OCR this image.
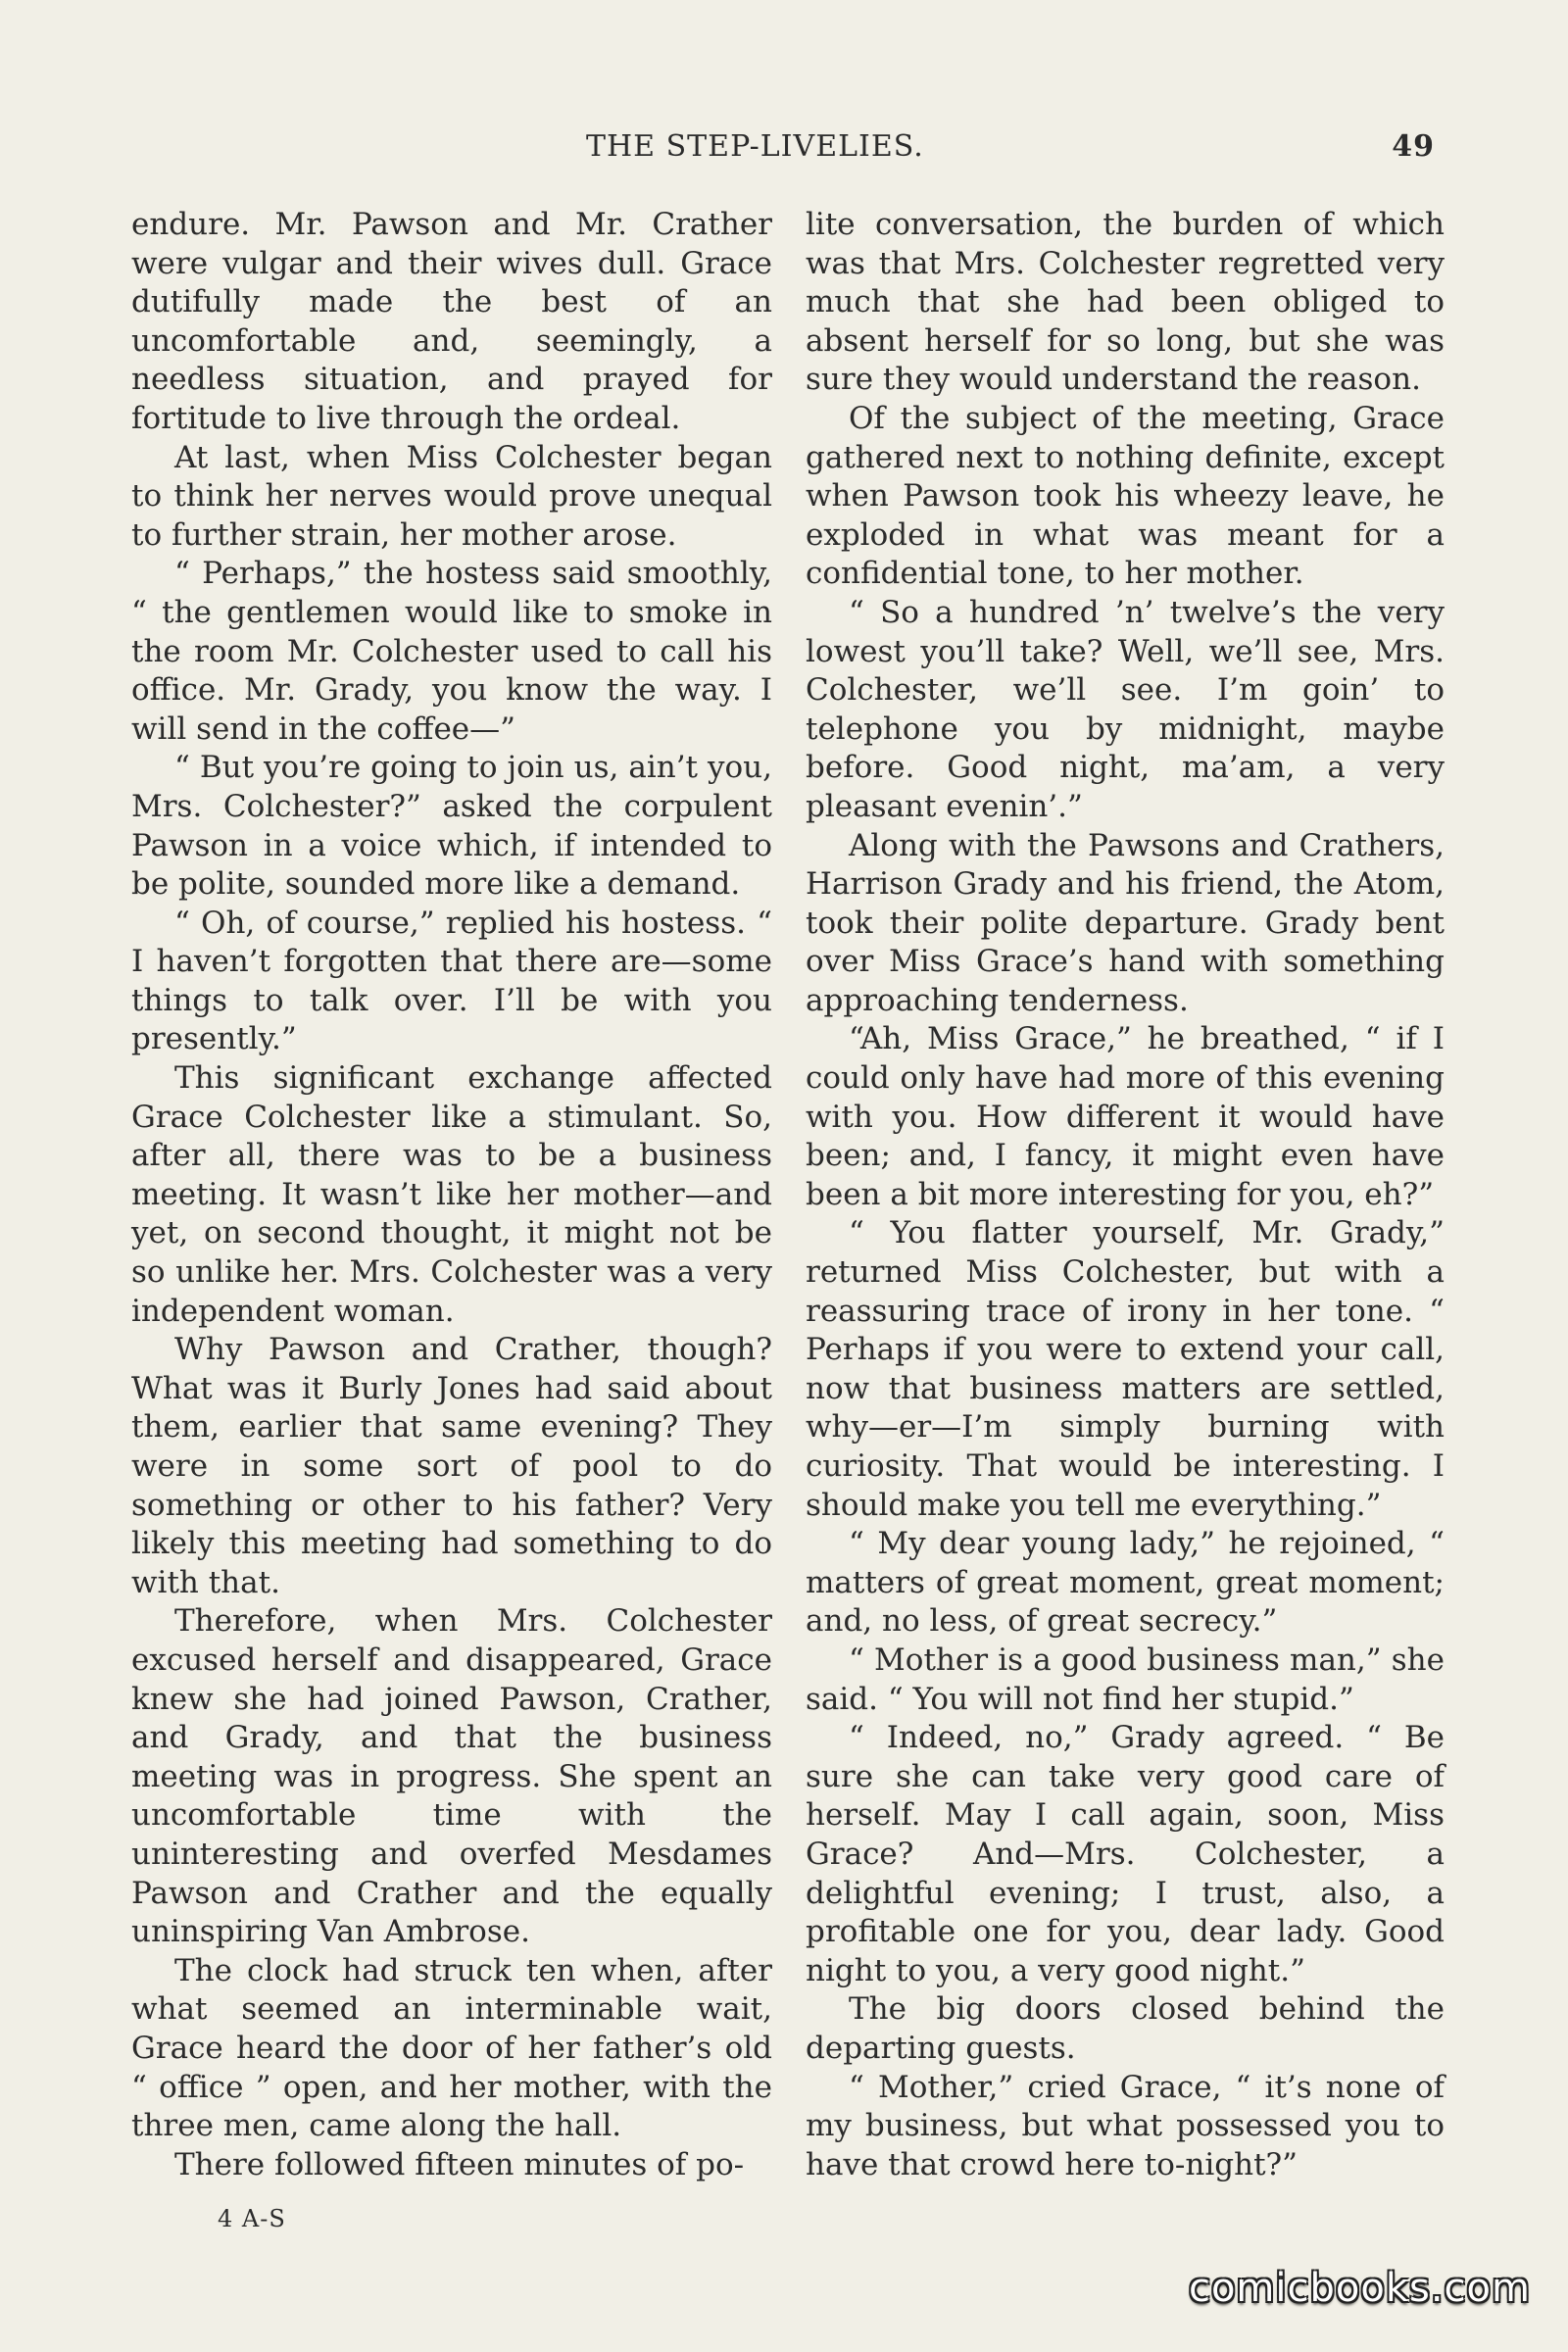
THE STEP-LIVELIES.	49

endure. Mr. Pawson and Mr. Crather were vulgar and their wives dull. Grace dutifully made the best of an uncomfortable and, seemingly, a needless situation, and prayed for fortitude to live through the ordeal.

At last, when Miss Colchester began to think her nerves would prove unequal to further strain, her mother arose.

“ Perhaps,” the hostess said smoothly, “ the gentlemen would like to smoke in the room Mr. Colchester used to call his office. Mr. Grady, you know the way. I will send in the coffee—”

“ But you’re going to join us, ain’t you, Mrs. Colchester?” asked the corpulent Pawson in a voice which, if intended to be polite, sounded more like a demand.

“ Oh, of course,” replied his hostess. “ I haven’t forgotten that there are—some things to talk over. I’ll be with you presently.”

This significant exchange affected Grace Colchester like a stimulant. So, after all, there was to be a business meeting. It wasn’t like her mother—and yet, on second thought, it might not be so unlike her. Mrs. Colchester was a very independent woman.

Why Pawson and Crather, though? What was it Burly Jones had said about them, earlier that same evening? They were in some sort of pool to do something or other to his father? Very likely this meeting had something to do with that.

Therefore, when Mrs. Colchester excused herself and disappeared, Grace knew she had joined Pawson, Crather, and Grady, and that the business meeting was in progress. She spent an uncomfortable time with the uninteresting and overfed Mesdames Pawson and Crather and the equally uninspiring Van Ambrose.

The clock had struck ten when, after what seemed an interminable wait, Grace heard the door of her father’s old “ office ” open, and her mother, with the three men, came along the hall.

There followed fifteen minutes of po-

lite conversation, the burden of which was that Mrs. Colchester regretted very much that she had been obliged to absent herself for so long, but she was sure they would understand the reason.

Of the subject of the meeting, Grace gathered next to nothing definite, except when Pawson took his wheezy leave, he exploded in what was meant for a confidential tone, to her mother.

“ So a hundred ’n’ twelve’s the very lowest you’ll take? Well, we’ll see, Mrs. Colchester, we’ll see. I’m goin’ to telephone you by midnight, maybe before. Good night, ma’am, a very pleasant evenin’.”

Along with the Pawsons and Crathers, Harrison Grady and his friend, the Atom, took their polite departure. Grady bent over Miss Grace’s hand with something approaching tenderness.

“Ah, Miss Grace,” he breathed, “ if I could only have had more of this evening with you. How different it would have been; and, I fancy, it might even have been a bit more interesting for you, eh?”

“ You flatter yourself, Mr. Grady,” returned Miss Colchester, but with a reassuring trace of irony in her tone. “ Perhaps if you were to extend your call, now that business matters are settled, why—er—I’m simply burning with curiosity. That would be interesting. I should make you tell me everything.”

“ My dear young lady,” he rejoined, “ matters of great moment, great moment; and, no less, of great secrecy.”

“ Mother is a good business man,” she said. “ You will not find her stupid.”

“ Indeed, no,” Grady agreed. “ Be sure she can take very good care of herself. May I call again, soon, Miss Grace? And—Mrs. Colchester, a delightful evening; I trust, also, a profitable one for you, dear lady. Good night to you, a very good night.”

The big doors closed behind the departing guests.

“ Mother,” cried Grace, “ it’s none of my business, but what possessed you to have that crowd here to-night?”

4 A-S
comicbooks.com
